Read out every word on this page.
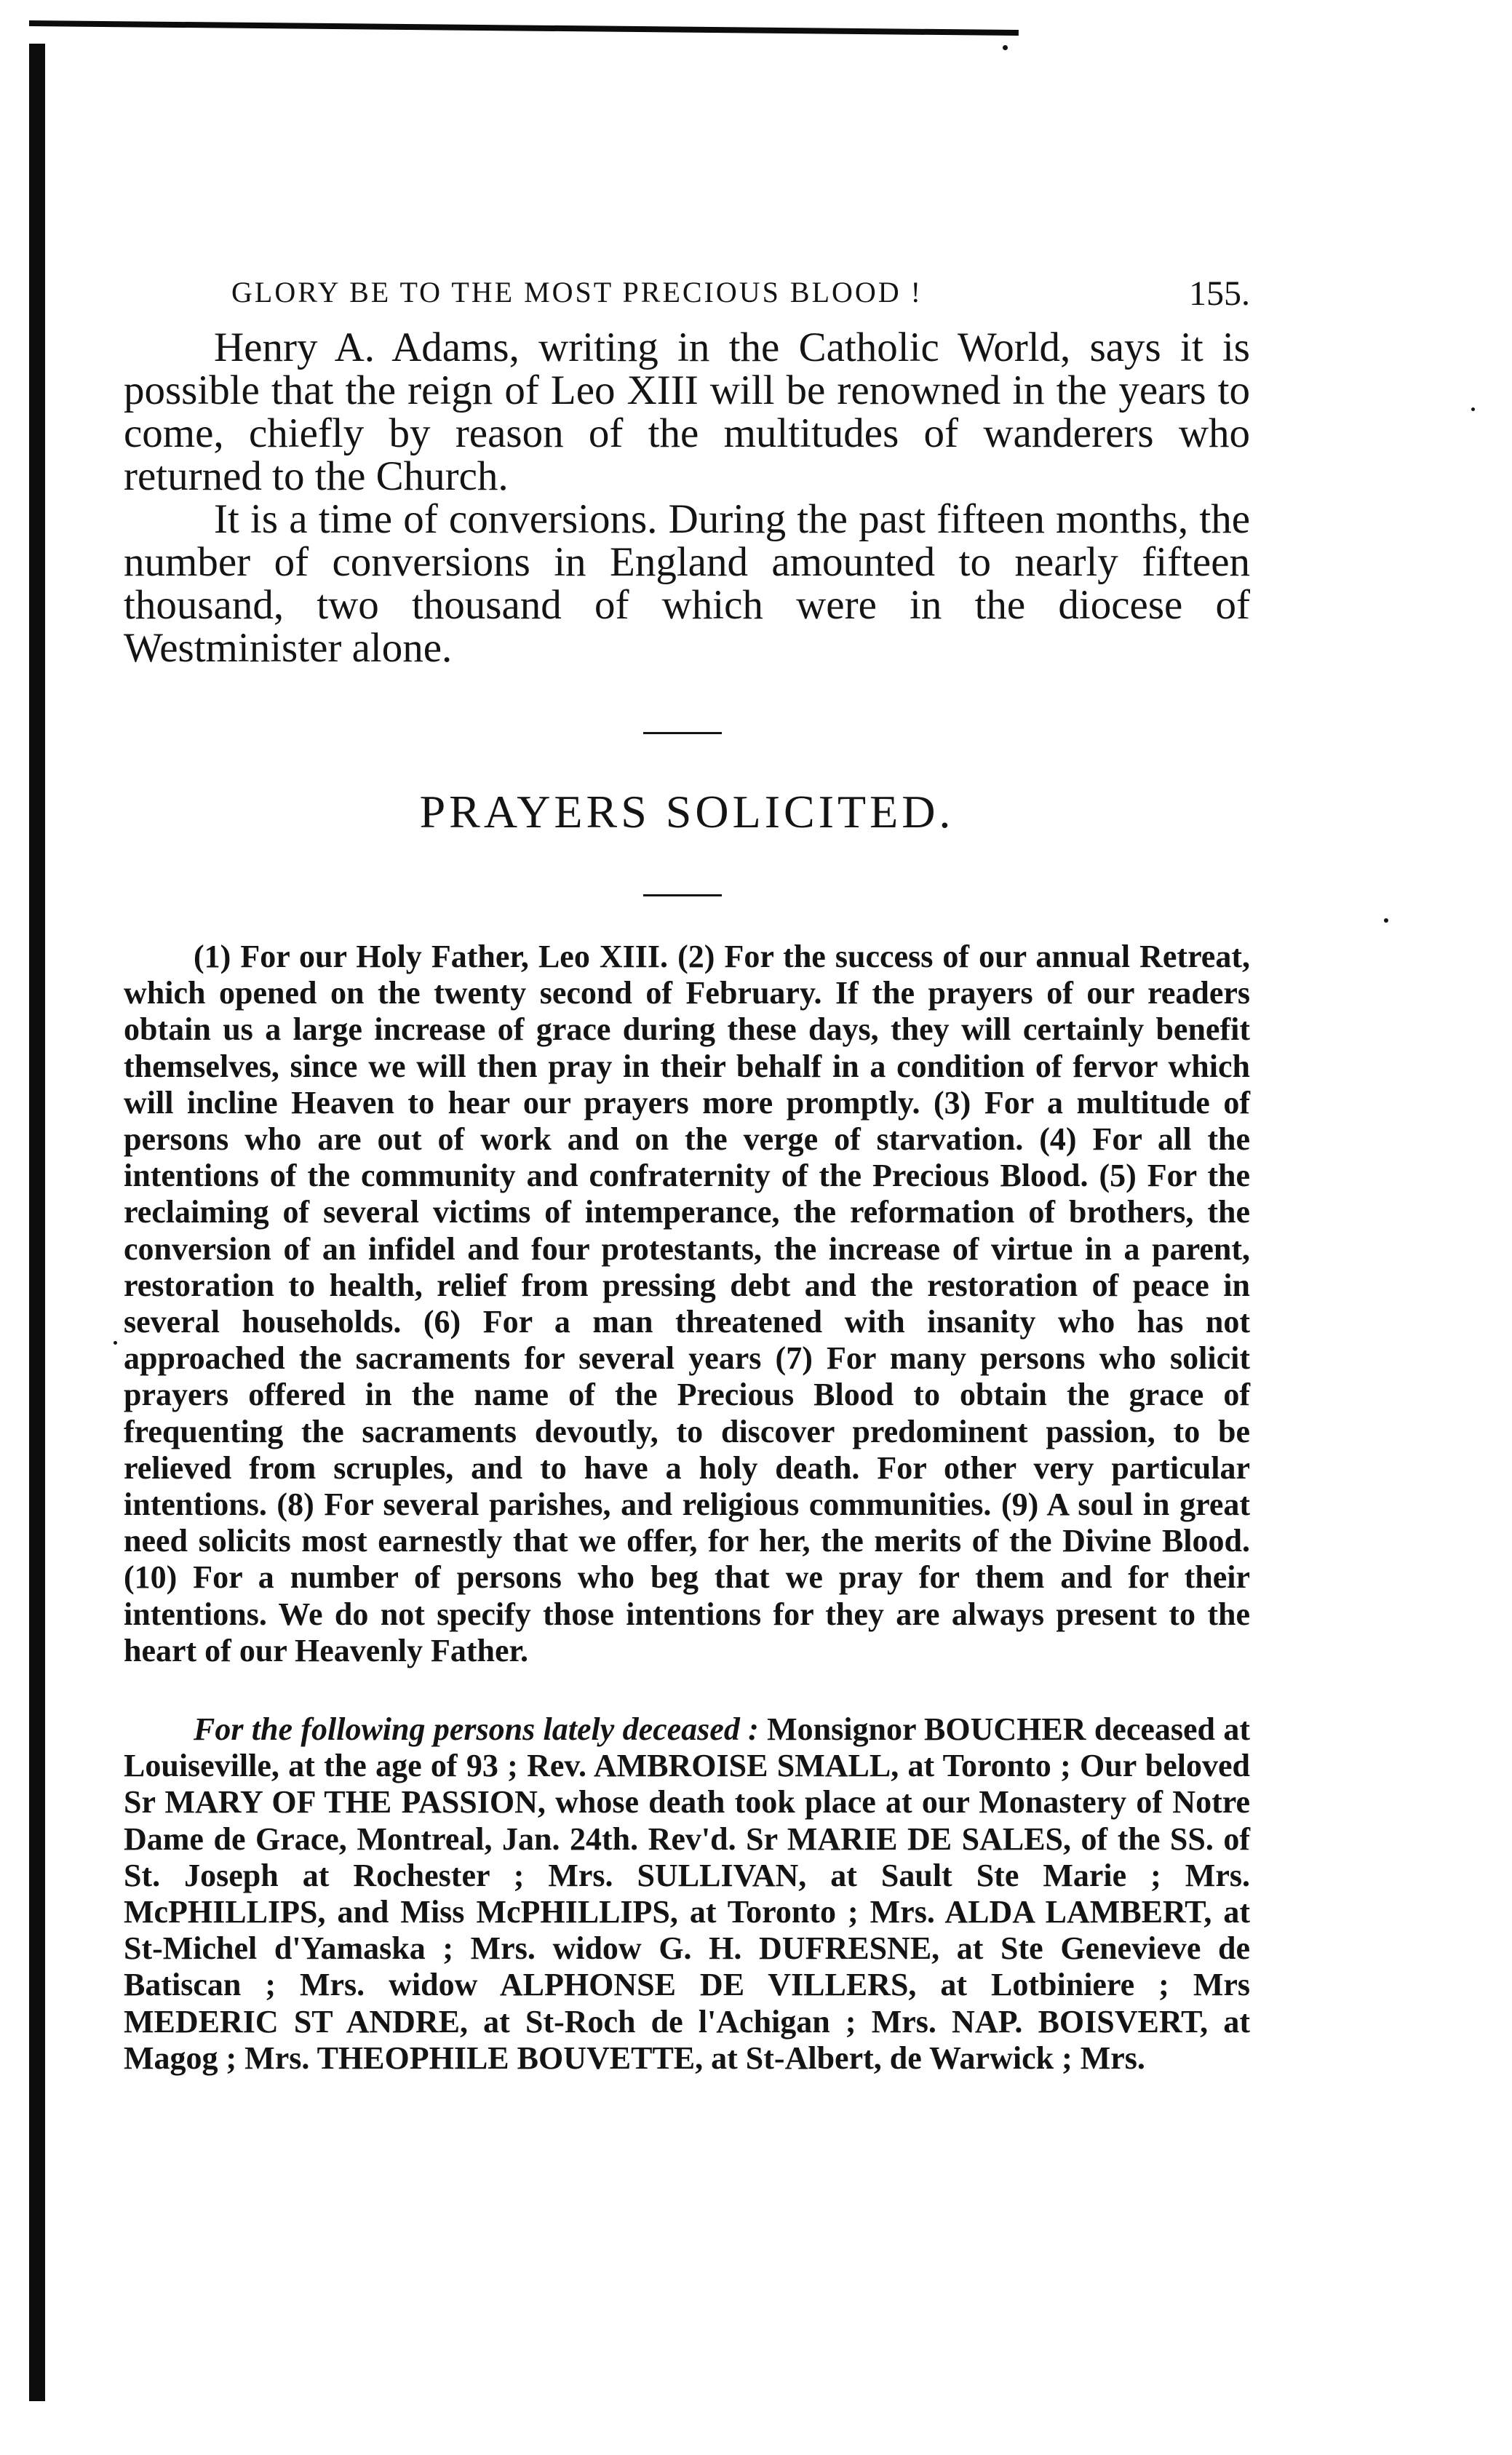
GLORY BE TO THE MOST PRECIOUS BLOOD !	155.

Henry A. Adams, writing in the Catholic World, says it is possible that the reign of Leo XIII will be renowned in the years to come, chiefly by reason of the multitudes of wanderers who returned to the Church.

It is a time of conversions. During the past fifteen months, the number of conversions in England amounted to nearly fifteen thousand, two thousand of which were in the diocese of Westminister alone.

PRAYERS SOLICITED.

(1) For our Holy Father, Leo XIII. (2) For the success of our annual Retreat, which opened on the twenty second of February. If the prayers of our readers obtain us a large increase of grace during these days, they will certainly benefit themselves, since we will then pray in their behalf in a condition of fervor which will incline Heaven to hear our prayers more promptly. (3) For a multitude of persons who are out of work and on the verge of starvation. (4) For all the intentions of the community and confraternity of the Precious Blood. (5) For the reclaiming of several victims of intemperance, the reformation of brothers, the conversion of an infidel and four protestants, the increase of virtue in a parent, restoration to health, relief from pressing debt and the restoration of peace in several households. (6) For a man threatened with insanity who has not approached the sacraments for several years (7) For many persons who solicit prayers offered in the name of the Precious Blood to obtain the grace of frequenting the sacraments devoutly, to discover predominent passion, to be relieved from scruples, and to have a holy death. For other very particular intentions. (8) For several parishes, and religious communities. (9) A soul in great need solicits most earnestly that we offer, for her, the merits of the Divine Blood. (10) For a number of persons who beg that we pray for them and for their intentions. We do not specify those intentions for they are always present to the heart of our Heavenly Father.

For the following persons lately deceased : Monsignor BOUCHER deceased at Louiseville, at the age of 93 ; Rev. AMBROISE SMALL, at Toronto ; Our beloved Sr MARY OF THE PASSION, whose death took place at our Monastery of Notre Dame de Grace, Montreal, Jan. 24th. Rev'd. Sr MARIE DE SALES, of the SS. of St. Joseph at Rochester ; Mrs. SULLIVAN, at Sault Ste Marie ; Mrs. McPHILLIPS, and Miss McPHILLIPS, at Toronto ; Mrs. ALDA LAMBERT, at St-Michel d'Yamaska ; Mrs. widow G. H. DUFRESNE, at Ste Genevieve de Batiscan ; Mrs. widow ALPHONSE DE VILLERS, at Lotbiniere ; Mrs MEDERIC ST ANDRE, at St-Roch de l'Achigan ; Mrs. NAP. BOISVERT, at Magog ; Mrs. THEOPHILE BOUVETTE, at St-Albert, de Warwick ; Mrs.
